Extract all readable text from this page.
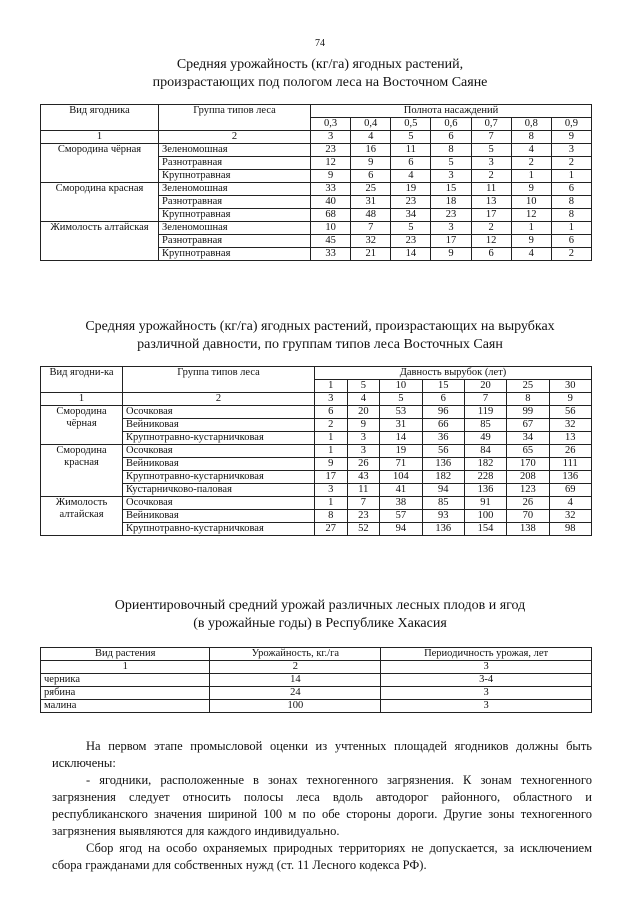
74
Средняя урожайность (кг/га) ягодных растений,
произрастающих под пологом леса на Восточном Саяне
Вид ягодника	Группа типов леса	Полнота насаждений						
		0,3	0,4	0,5	0,6	0,7	0,8	0,9
1	2	3	4	5	6	7	8	9
Смородина чёрная	Зеленомошная	23	16	11	8	5	4	3
	Разнотравная	12	9	6	5	3	2	2
	Крупнотравная	9	6	4	3	2	1	1
Смородина красная	Зеленомошная	33	25	19	15	11	9	6
	Разнотравная	40	31	23	18	13	10	8
	Крупнотравная	68	48	34	23	17	12	8
Жимолость алтайская	Зеленомошная	10	7	5	3	2	1	1
	Разнотравная	45	32	23	17	12	9	6
	Крупнотравная	33	21	14	9	6	4	2
Средняя урожайность (кг/га) ягодных растений, произрастающих на вырубках
различной давности, по группам типов леса Восточных Саян
Вид ягодни-ка	Группа типов леса	Давность вырубок (лет)						
		1	5	10	15	20	25	30
1	2	3	4	5	6	7	8	9
Смородина чёрная	Осочковая	6	20	53	96	119	99	56
	Вейниковая	2	9	31	66	85	67	32
	Крупнотравно-кустарничковая	1	3	14	36	49	34	13
Смородина красная	Осочковая	1	3	19	56	84	65	26
	Вейниковая	9	26	71	136	182	170	111
	Крупнотравно-кустарничковая	17	43	104	182	228	208	136
	Кустарничково-паловая	3	11	41	94	136	123	69
Жимолость алтайская	Осочковая	1	7	38	85	91	26	4
	Вейниковая	8	23	57	93	100	70	32
	Крупнотравно-кустарничковая	27	52	94	136	154	138	98
Ориентировочный средний урожай различных лесных плодов и ягод
(в урожайные годы) в Республике Хакасия
Вид растения	Урожайность, кг./га	Периодичность урожая, лет
1	2	3
черника	14	3-4
рябина	24	3
малина	100	3

На первом этапе промысловой оценки из учтенных площадей ягодников должны быть исключены:

- ягодники, расположенные в зонах техногенного загрязнения. К зонам техногенного загрязнения следует относить полосы леса вдоль автодорог районного, областного и республиканского значения шириной 100 м по обе стороны дороги. Другие зоны техногенного загрязнения выявляются для каждого индивидуально.

Сбор ягод на особо охраняемых природных территориях не допускается, за исключением сбора гражданами для собственных нужд (ст. 11 Лесного кодекса РФ).
